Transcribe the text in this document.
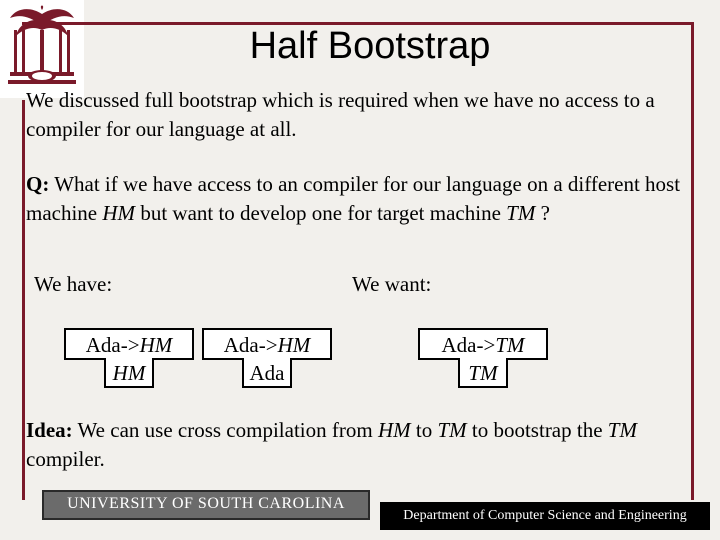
Half Bootstrap

We discussed full bootstrap which is required when we have no access to a compiler for our language at all.

Q: What if we have access to an compiler for our language on a different host machine HM but want to develop one for target machine TM ?

We have:	We want:
Ada->HM
HM
Ada->HM
Ada
Ada->TM
TM

Idea: We can use cross compilation from HM to TM to bootstrap the TM compiler.

UNIVERSITY OF SOUTH CAROLINA
Department of Computer Science and Engineering
